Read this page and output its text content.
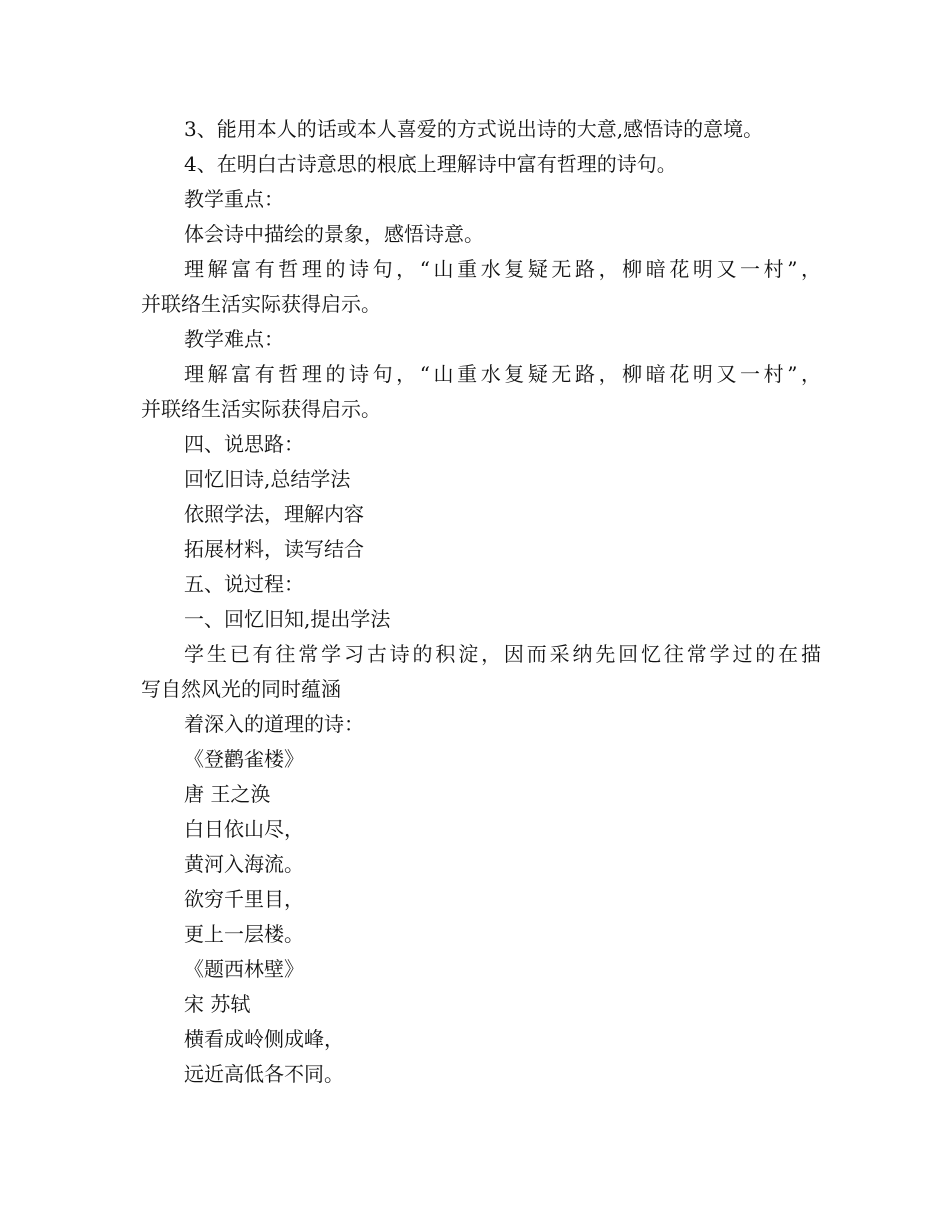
3、能用本人的话或本人喜爱的方式说出诗的大意,感悟诗的意境。

4、在明白古诗意思的根底上理解诗中富有哲理的诗句。

教学重点：

体会诗中描绘的景象，感悟诗意。

理解富有哲理的诗句，“山重水复疑无路，柳暗花明又一村”，

并联络生活实际获得启示。

教学难点：

理解富有哲理的诗句，“山重水复疑无路，柳暗花明又一村”，

并联络生活实际获得启示。

四、说思路：

回忆旧诗,总结学法

依照学法，理解内容

拓展材料，读写结合

五、说过程：

一、回忆旧知,提出学法

学生已有往常学习古诗的积淀，因而采纳先回忆往常学过的在描

写自然风光的同时蕴涵

着深入的道理的诗：

《登鹳雀楼》

唐 王之涣

白日依山尽，

黄河入海流。

欲穷千里目，

更上一层楼。

《题西林壁》

宋 苏轼

横看成岭侧成峰，

远近高低各不同。
